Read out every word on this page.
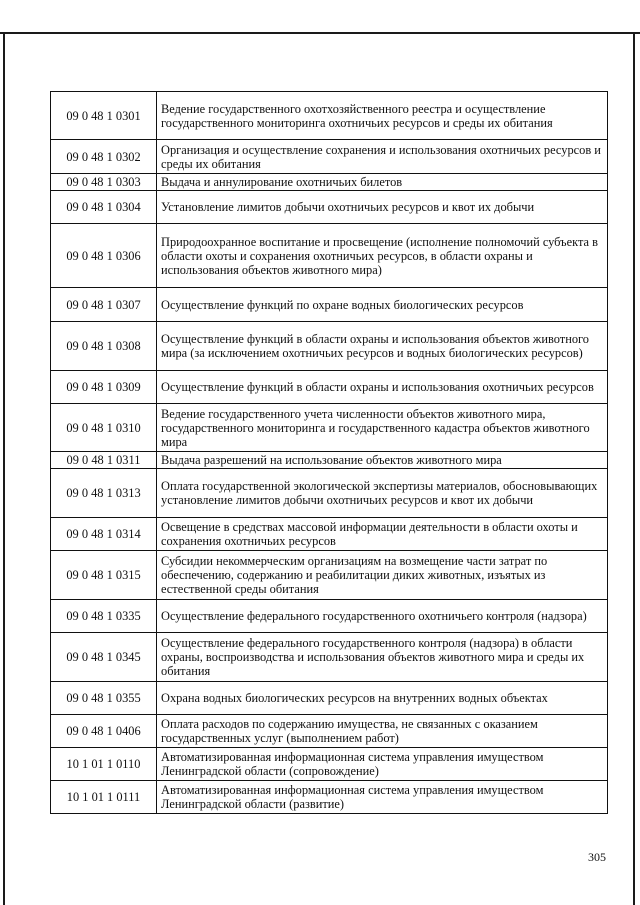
09 0 48 1 0301	Ведение государственного охотхозяйственного реестра и осуществление государственного мониторинга охотничьих ресурсов и среды их обитания
09 0 48 1 0302	Организация и осуществление сохранения и использования охотничьих ресурсов и среды их обитания
09 0 48 1 0303	Выдача и аннулирование охотничьих билетов
09 0 48 1 0304	Установление лимитов добычи охотничьих ресурсов и квот их добычи
09 0 48 1 0306	Природоохранное воспитание и просвещение (исполнение полномочий субъекта в области охоты и сохранения охотничьих ресурсов, в области охраны и использования объектов животного мира)
09 0 48 1 0307	Осуществление функций по охране водных биологических ресурсов
09 0 48 1 0308	Осуществление функций в области охраны и использования объектов животного мира (за исключением охотничьих ресурсов и водных биологических ресурсов)
09 0 48 1 0309	Осуществление функций в области охраны и использования охотничьих ресурсов
09 0 48 1 0310	Ведение государственного учета численности объектов животного мира, государственного мониторинга и государственного кадастра объектов животного мира
09 0 48 1 0311	Выдача разрешений на использование объектов животного мира
09 0 48 1 0313	Оплата государственной экологической экспертизы материалов, обосновывающих установление лимитов добычи охотничьих ресурсов и квот их добычи
09 0 48 1 0314	Освещение в средствах массовой информации деятельности в области охоты и сохранения охотничьих ресурсов
09 0 48 1 0315	Субсидии некоммерческим организациям на возмещение части затрат по обеспечению, содержанию и реабилитации диких животных, изъятых из естественной среды обитания
09 0 48 1 0335	Осуществление федерального государственного охотничьего контроля (надзора)
09 0 48 1 0345	Осуществление федерального государственного контроля (надзора) в области охраны, воспроизводства и использования объектов животного мира и среды их обитания
09 0 48 1 0355	Охрана водных биологических ресурсов на внутренних водных объектах
09 0 48 1 0406	Оплата расходов по содержанию имущества, не связанных с оказанием государственных услуг (выполнением работ)
10 1 01 1 0110	Автоматизированная информационная система управления имуществом Ленинградской области (сопровождение)
10 1 01 1 0111	Автоматизированная информационная система управления имуществом Ленинградской области (развитие)
305
